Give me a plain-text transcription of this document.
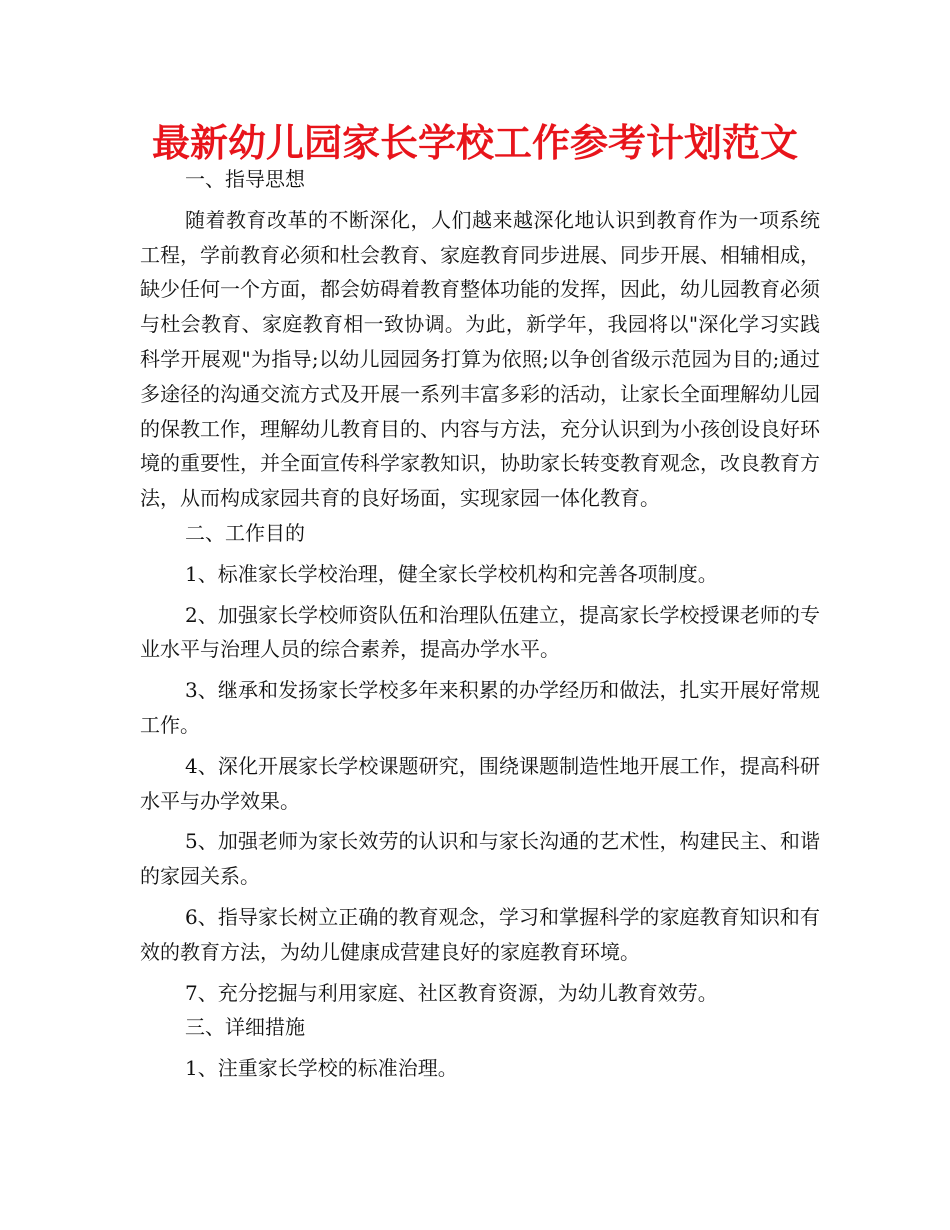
最新幼儿园家长学校工作参考计划范文

一、指导思想

随着教育改革的不断深化，人们越来越深化地认识到教育作为一项系统工程，学前教育必须和杜会教育、家庭教育同步进展、同步开展、相辅相成，缺少任何一个方面，都会妨碍着教育整体功能的发挥，因此，幼儿园教育必须与杜会教育、家庭教育相一致协调。为此，新学年，我园将以"深化学习实践科学开展观"为指导;以幼儿园园务打算为依照;以争创省级示范园为目的;通过多途径的沟通交流方式及开展一系列丰富多彩的活动，让家长全面理解幼儿园的保教工作，理解幼儿教育目的、内容与方法，充分认识到为小孩创设良好环境的重要性，并全面宣传科学家教知识，协助家长转变教育观念，改良教育方法，从而构成家园共育的良好场面，实现家园一体化教育。

二、工作目的

1、标准家长学校治理，健全家长学校机构和完善各项制度。

2、加强家长学校师资队伍和治理队伍建立，提高家长学校授课老师的专业水平与治理人员的综合素养，提高办学水平。

3、继承和发扬家长学校多年来积累的办学经历和做法，扎实开展好常规工作。

4、深化开展家长学校课题研究，围绕课题制造性地开展工作，提高科研水平与办学效果。

5、加强老师为家长效劳的认识和与家长沟通的艺术性，构建民主、和谐的家园关系。

6、指导家长树立正确的教育观念，学习和掌握科学的家庭教育知识和有效的教育方法，为幼儿健康成营建良好的家庭教育环境。

7、充分挖掘与利用家庭、社区教育资源，为幼儿教育效劳。

三、详细措施

1、注重家长学校的标准治理。
